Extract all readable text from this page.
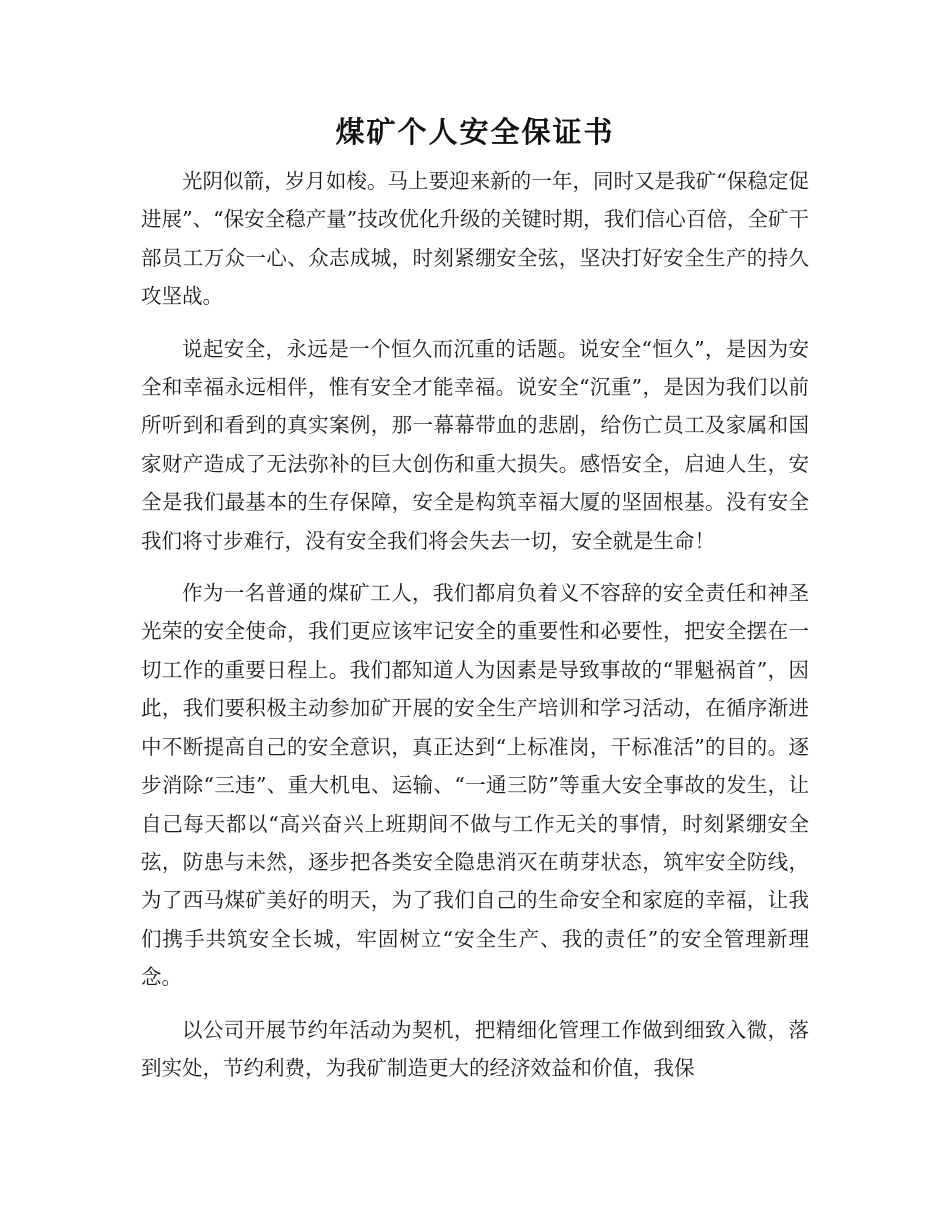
煤矿个人安全保证书

光阴似箭，岁月如梭。马上要迎来新的一年，同时又是我矿“保稳定促进展”、“保安全稳产量”技改优化升级的关键时期，我们信心百倍，全矿干部员工万众一心、众志成城，时刻紧绷安全弦，坚决打好安全生产的持久攻坚战。

说起安全，永远是一个恒久而沉重的话题。说安全“恒久”，是因为安全和幸福永远相伴，惟有安全才能幸福。说安全“沉重”，是因为我们以前所听到和看到的真实案例，那一幕幕带血的悲剧，给伤亡员工及家属和国家财产造成了无法弥补的巨大创伤和重大损失。感悟安全，启迪人生，安全是我们最基本的生存保障，安全是构筑幸福大厦的坚固根基。没有安全我们将寸步难行，没有安全我们将会失去一切，安全就是生命！

作为一名普通的煤矿工人，我们都肩负着义不容辞的安全责任和神圣光荣的安全使命，我们更应该牢记安全的重要性和必要性，把安全摆在一切工作的重要日程上。我们都知道人为因素是导致事故的“罪魁祸首”，因此，我们要积极主动参加矿开展的安全生产培训和学习活动，在循序渐进中不断提高自己的安全意识，真正达到“上标准岗，干标准活”的目的。逐步消除“三违”、重大机电、运输、“一通三防”等重大安全事故的发生，让自己每天都以“高兴奋兴上班期间不做与工作无关的事情，时刻紧绷安全弦，防患与未然，逐步把各类安全隐患消灭在萌芽状态，筑牢安全防线，为了西马煤矿美好的明天，为了我们自己的生命安全和家庭的幸福，让我们携手共筑安全长城，牢固树立“安全生产、我的责任”的安全管理新理念。

以公司开展节约年活动为契机，把精细化管理工作做到细致入微，落到实处，节约利费，为我矿制造更大的经济效益和价值，我保
